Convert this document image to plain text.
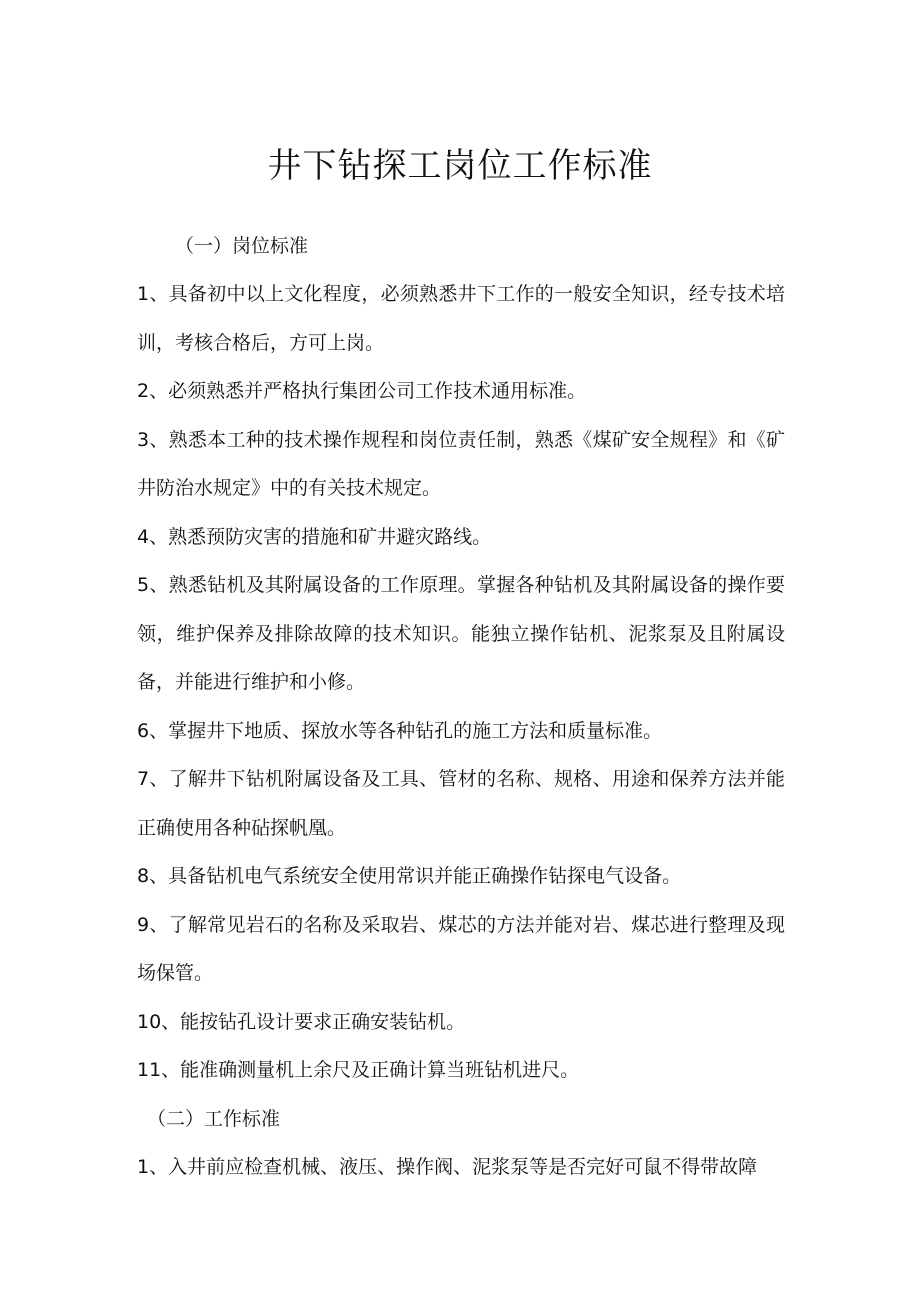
井下钻探工岗位工作标准
（一）岗位标准

1、具备初中以上文化程度，必须熟悉井下工作的一般安全知识，经专技术培训，考核合格后，方可上岗。

2、必须熟悉并严格执行集团公司工作技术通用标准。

3、熟悉本工种的技术操作规程和岗位责任制，熟悉《煤矿安全规程》和《矿井防治水规定》中的有关技术规定。

4、熟悉预防灾害的措施和矿井避灾路线。

5、熟悉钻机及其附属设备的工作原理。掌握各种钻机及其附属设备的操作要领，维护保养及排除故障的技术知识。能独立操作钻机、泥浆泵及且附属设备，并能进行维护和小修。

6、掌握井下地质、探放水等各种钻孔的施工方法和质量标准。

7、了解井下钻机附属设备及工具、管材的名称、规格、用途和保养方法并能正确使用各种砧探帆凰。

8、具备钻机电气系统安全使用常识并能正确操作钻探电气设备。

9、了解常见岩石的名称及采取岩、煤芯的方法并能对岩、煤芯进行整理及现场保管。

10、能按钻孔设计要求正确安装钻机。

11、能准确测量机上余尺及正确计算当班钻机进尺。

（二）工作标准

1、入井前应检查机械、液压、操作阀、泥浆泵等是否完好可鼠不得带故障
